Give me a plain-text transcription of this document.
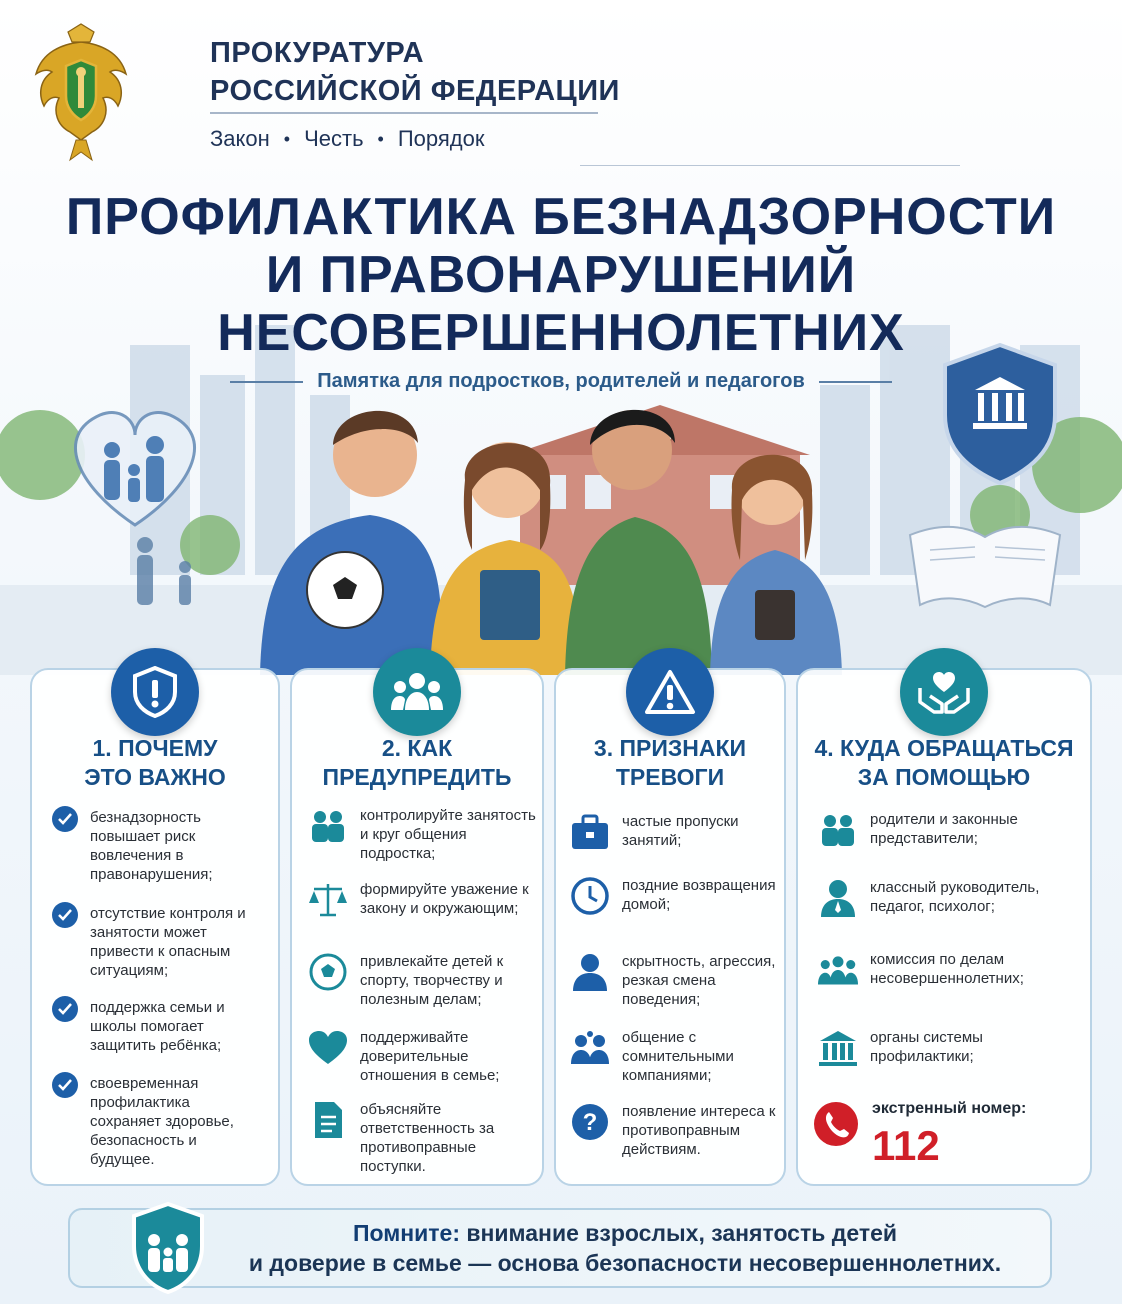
ПРОКУРАТУРА
РОССИЙСКОЙ ФЕДЕРАЦИИ
Закон • Честь • Порядок
ПРОФИЛАКТИКА БЕЗНАДЗОРНОСТИ
И ПРАВОНАРУШЕНИЙ
НЕСОВЕРШЕННОЛЕТНИХ
Памятка для подростков, родителей и педагогов
1. ПОЧЕМУ
ЭТО ВАЖНО
безнадзорность повышает риск вовлечения в правонарушения;
отсутствие контроля и занятости может привести к опасным ситуациям;
поддержка семьи и школы помогает защитить ребёнка;
своевременная профилактика сохраняет здоровье, безопасность и будущее.
2. КАК
ПРЕДУПРЕДИТЬ
контролируйте занятость и круг общения подростка;
формируйте уважение к закону и окружающим;
привлекайте детей к спорту, творчеству и полезным делам;
поддерживайте доверительные отношения в семье;
объясняйте ответственность за противоправные поступки.
3. ПРИЗНАКИ
ТРЕВОГИ
частые пропуски занятий;
поздние возвращения домой;
скрытность, агрессия, резкая смена поведения;
общение с сомнительными компаниями;
? появление интереса к противоправным действиям.
4. КУДА ОБРАЩАТЬСЯ
ЗА ПОМОЩЬЮ
родители и законные представители;
классный руководитель, педагог, психолог;
комиссия по делам несовершеннолетних;
органы системы профилактики;
экстренный номер:
112
Помните: внимание взрослых, занятость детей
и доверие в семье — основа безопасности несовершеннолетних.
